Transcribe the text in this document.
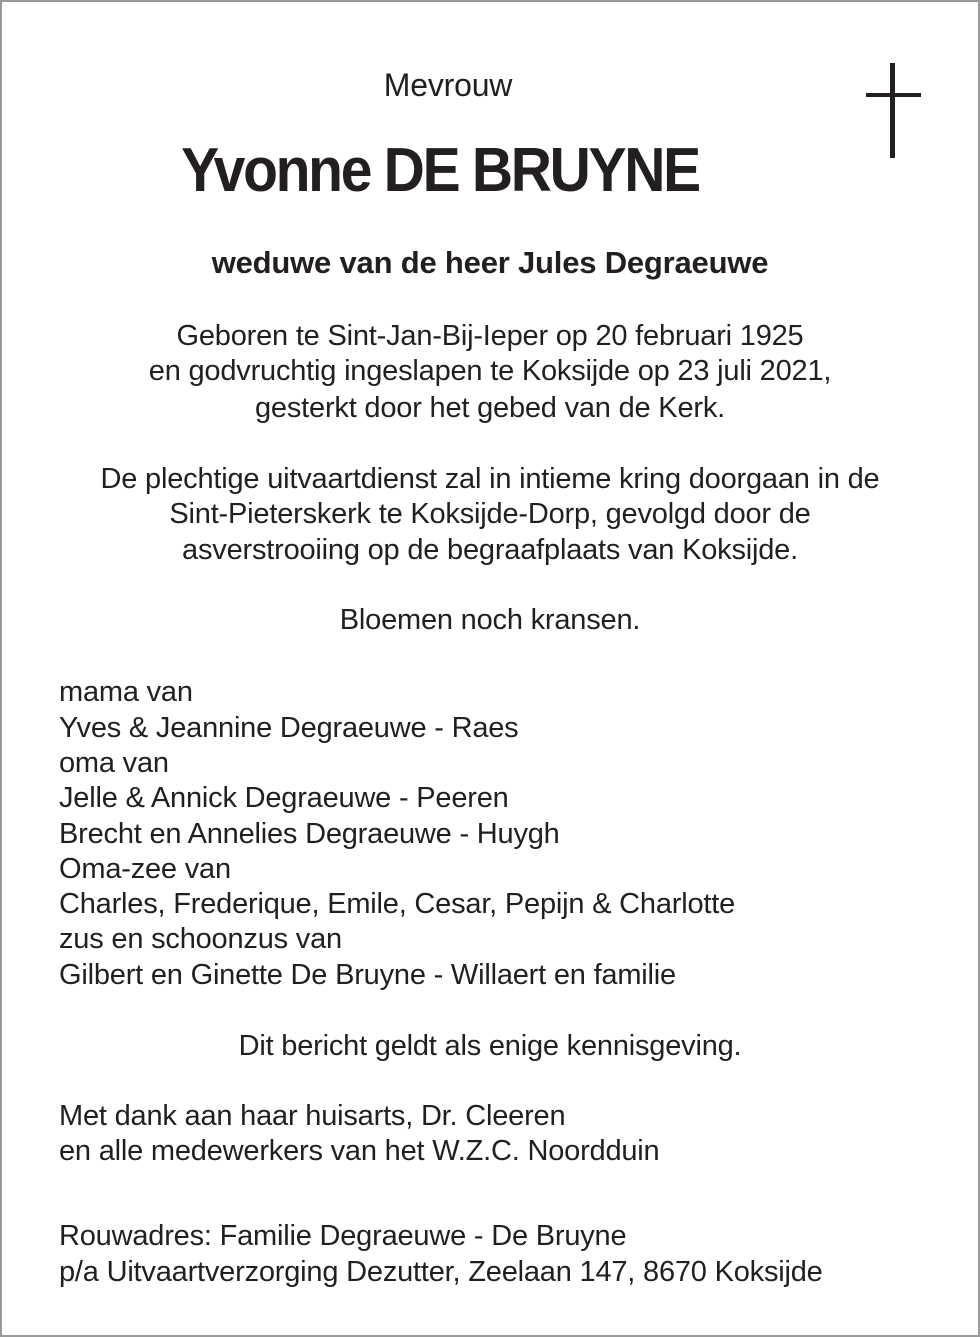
Mevrouw
Yvonne DE BRUYNE
weduwe van de heer Jules Degraeuwe
Geboren te Sint-Jan-Bij-Ieper op 20 februari 1925
en godvruchtig ingeslapen te Koksijde op 23 juli 2021,
gesterkt door het gebed van de Kerk.
De plechtige uitvaartdienst zal in intieme kring doorgaan in de
Sint-Pieterskerk te Koksijde-Dorp, gevolgd door de
asverstrooiing op de begraafplaats van Koksijde.
Bloemen noch kransen.
mama van
Yves & Jeannine Degraeuwe - Raes
oma van
Jelle & Annick Degraeuwe - Peeren
Brecht en Annelies Degraeuwe - Huygh
Oma-zee van
Charles, Frederique, Emile, Cesar, Pepijn & Charlotte
zus en schoonzus van
Gilbert en Ginette De Bruyne - Willaert en familie
Dit bericht geldt als enige kennisgeving.
Met dank aan haar huisarts, Dr. Cleeren
en alle medewerkers van het W.Z.C. Noordduin
Rouwadres: Familie Degraeuwe - De Bruyne
p/a Uitvaartverzorging Dezutter, Zeelaan 147, 8670 Koksijde
